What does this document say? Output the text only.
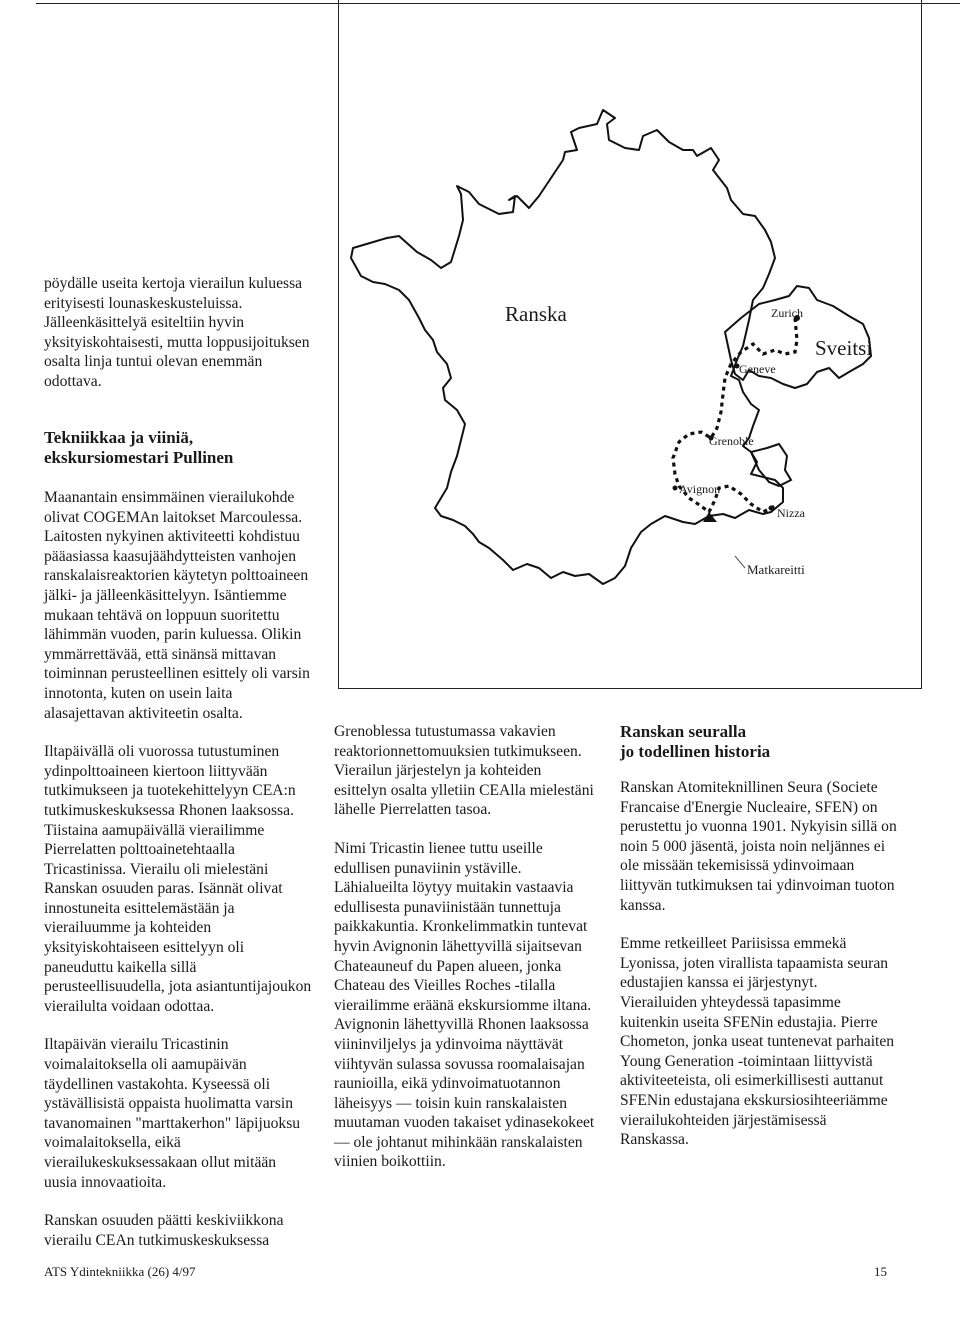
pöydälle useita kertoja vierailun kuluessa erityisesti lounaskeskusteluissa. Jälleenkäsittelyä esiteltiin hyvin yksityiskohtaisesti, mutta loppusijoituksen osalta linja tuntui olevan enemmän odottava.

Tekniikkaa ja viiniä,
ekskursiomestari Pullinen

Maanantain ensimmäinen vierailukohde olivat COGEMAn laitokset Marcoulessa. Laitosten nykyinen aktiviteetti kohdistuu pääasiassa kaasujäähdytteisten vanhojen ranskalaisreaktorien käytetyn polttoaineen jälki- ja jälleenkäsittelyyn. Isäntiemme mukaan tehtävä on loppuun suoritettu lähimmän vuoden, parin kuluessa. Olikin ymmärrettävää, että sinänsä mittavan toiminnan perusteellinen esittely oli varsin innotonta, kuten on usein laita alasajettavan aktiviteetin osalta.

Iltapäivällä oli vuorossa tutustuminen ydinpolttoaineen kiertoon liittyvään tutkimukseen ja tuotekehittelyyn CEA:n tutkimuskeskuksessa Rhonen laaksossa. Tiistaina aamupäivällä vierailimme Pierrelatten polttoainetehtaalla Tricastinissa. Vierailu oli mielestäni Ranskan osuuden paras. Isännät olivat innostuneita esittelemästään ja vierailuumme ja kohteiden yksityiskohtaiseen esittelyyn oli paneuduttu kaikella sillä perusteellisuudella, jota asiantuntijajoukon vierailulta voidaan odottaa.

Iltapäivän vierailu Tricastinin voimalaitoksella oli aamupäivän täydellinen vastakohta. Kyseessä oli ystävällisistä oppaista huolimatta varsin tavanomainen "marttakerhon" läpijuoksu voimalaitoksella, eikä vierailukeskuksessakaan ollut mitään uusia innovaatioita.

Ranskan osuuden päätti keskiviikkona vierailu CEAn tutkimuskeskuksessa

Ranska
Sveitsi
Zurich
Geneve
Grenoble
Avignon
Nizza
Matkareitti

Grenoblessa tutustumassa vakavien reaktorionnettomuuksien tutkimukseen. Vierailun järjestelyn ja kohteiden esittelyn osalta ylletiin CEAlla mielestäni lähelle Pierrelatten tasoa.

Nimi Tricastin lienee tuttu useille edullisen punaviinin ystäville. Lähialueilta löytyy muitakin vastaavia edullisesta punaviinistään tunnettuja paikkakuntia. Kronkelimmatkin tuntevat hyvin Avignonin lähettyvillä sijaitsevan Chateauneuf du Papen alueen, jonka Chateau des Vieilles Roches -tilalla vierailimme eräänä ekskursiomme iltana. Avignonin lähettyvillä Rhonen laaksossa viininviljelys ja ydinvoima näyttävät viihtyvän sulassa sovussa roomalaisajan raunioilla, eikä ydinvoimatuotannon läheisyys — toisin kuin ranskalaisten muutaman vuoden takaiset ydinasekokeet — ole johtanut mihinkään ranskalaisten viinien boikottiin.

Ranskan seuralla
jo todellinen historia

Ranskan Atomiteknillinen Seura (Societe Francaise d'Energie Nucleaire, SFEN) on perustettu jo vuonna 1901. Nykyisin sillä on noin 5 000 jäsentä, joista noin neljännes ei ole missään tekemisissä ydinvoimaan liittyvän tutkimuksen tai ydinvoiman tuoton kanssa.

Emme retkeilleet Pariisissa emmekä Lyonissa, joten virallista tapaamista seuran edustajien kanssa ei järjestynyt. Vierailuiden yhteydessä tapasimme kuitenkin useita SFENin edustajia. Pierre Chometon, jonka useat tuntenevat parhaiten Young Generation -toimintaan liittyvistä aktiviteeteista, oli esimerkillisesti auttanut SFENin edustajana ekskursiosihteeriämme vierailukohteiden järjestämisessä Ranskassa.

ATS Ydintekniikka (26) 4/97	15
